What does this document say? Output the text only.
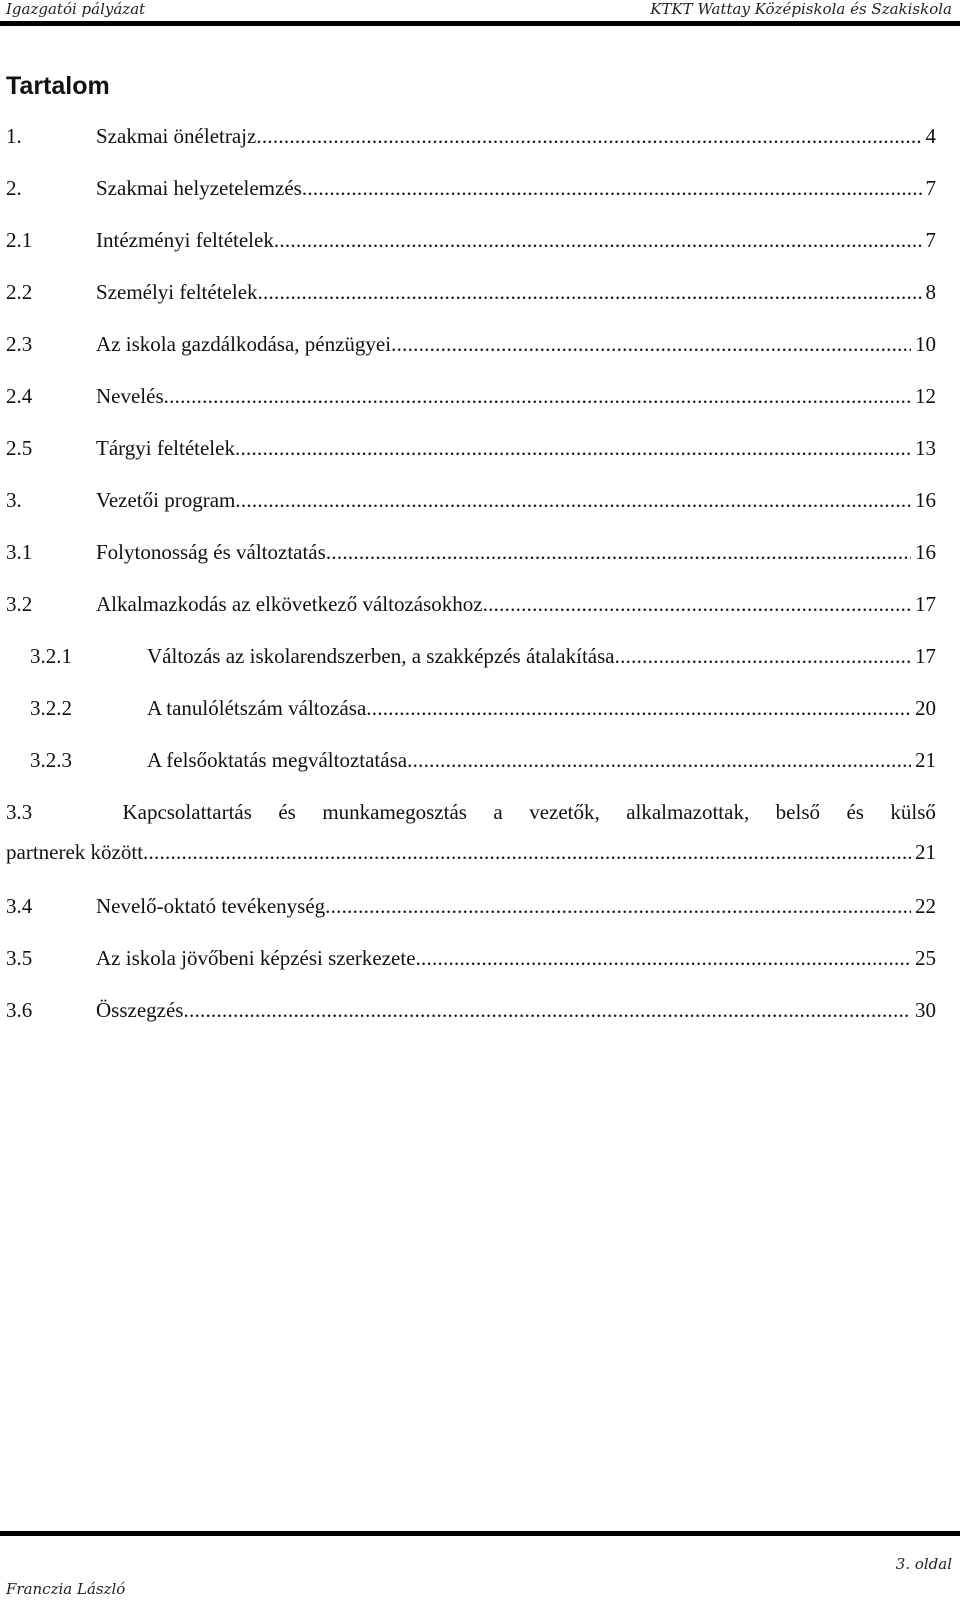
Igazgatói pályázat	KTKT Wattay Középiskola és Szakiskola
Tartalom
1.	Szakmai önéletrajz . . .	4
2.	Szakmai helyzetelemzés . . .	7
2.1	Intézményi feltételek . . .	7
2.2	Személyi feltételek . . .	8
2.3	Az iskola gazdálkodása, pénzügyei . . .	10
2.4	Nevelés . . .	12
2.5	Tárgyi feltételek . . .	13
3.	Vezetői program . . .	16
3.1	Folytonosság és változtatás . . .	16
3.2	Alkalmazkodás az elkövetkező változásokhoz . . .	17
3.2.1	Változás az iskolarendszerben, a szakképzés átalakítása . . .	17
3.2.2	A tanulólétszám változása . . .	20
3.2.3	A felsőoktatás megváltoztatása . . .	21
3.3	Kapcsolattartás és munkamegosztás a vezetők, alkalmazottak, belső és külső
partnerek között . . .	21
3.4	Nevelő-oktató tevékenység . . .	22
3.5	Az iskola jövőbeni képzési szerkezete . . .	25
3.6	Összegzés . . .	30
3. oldal
Franczia László
